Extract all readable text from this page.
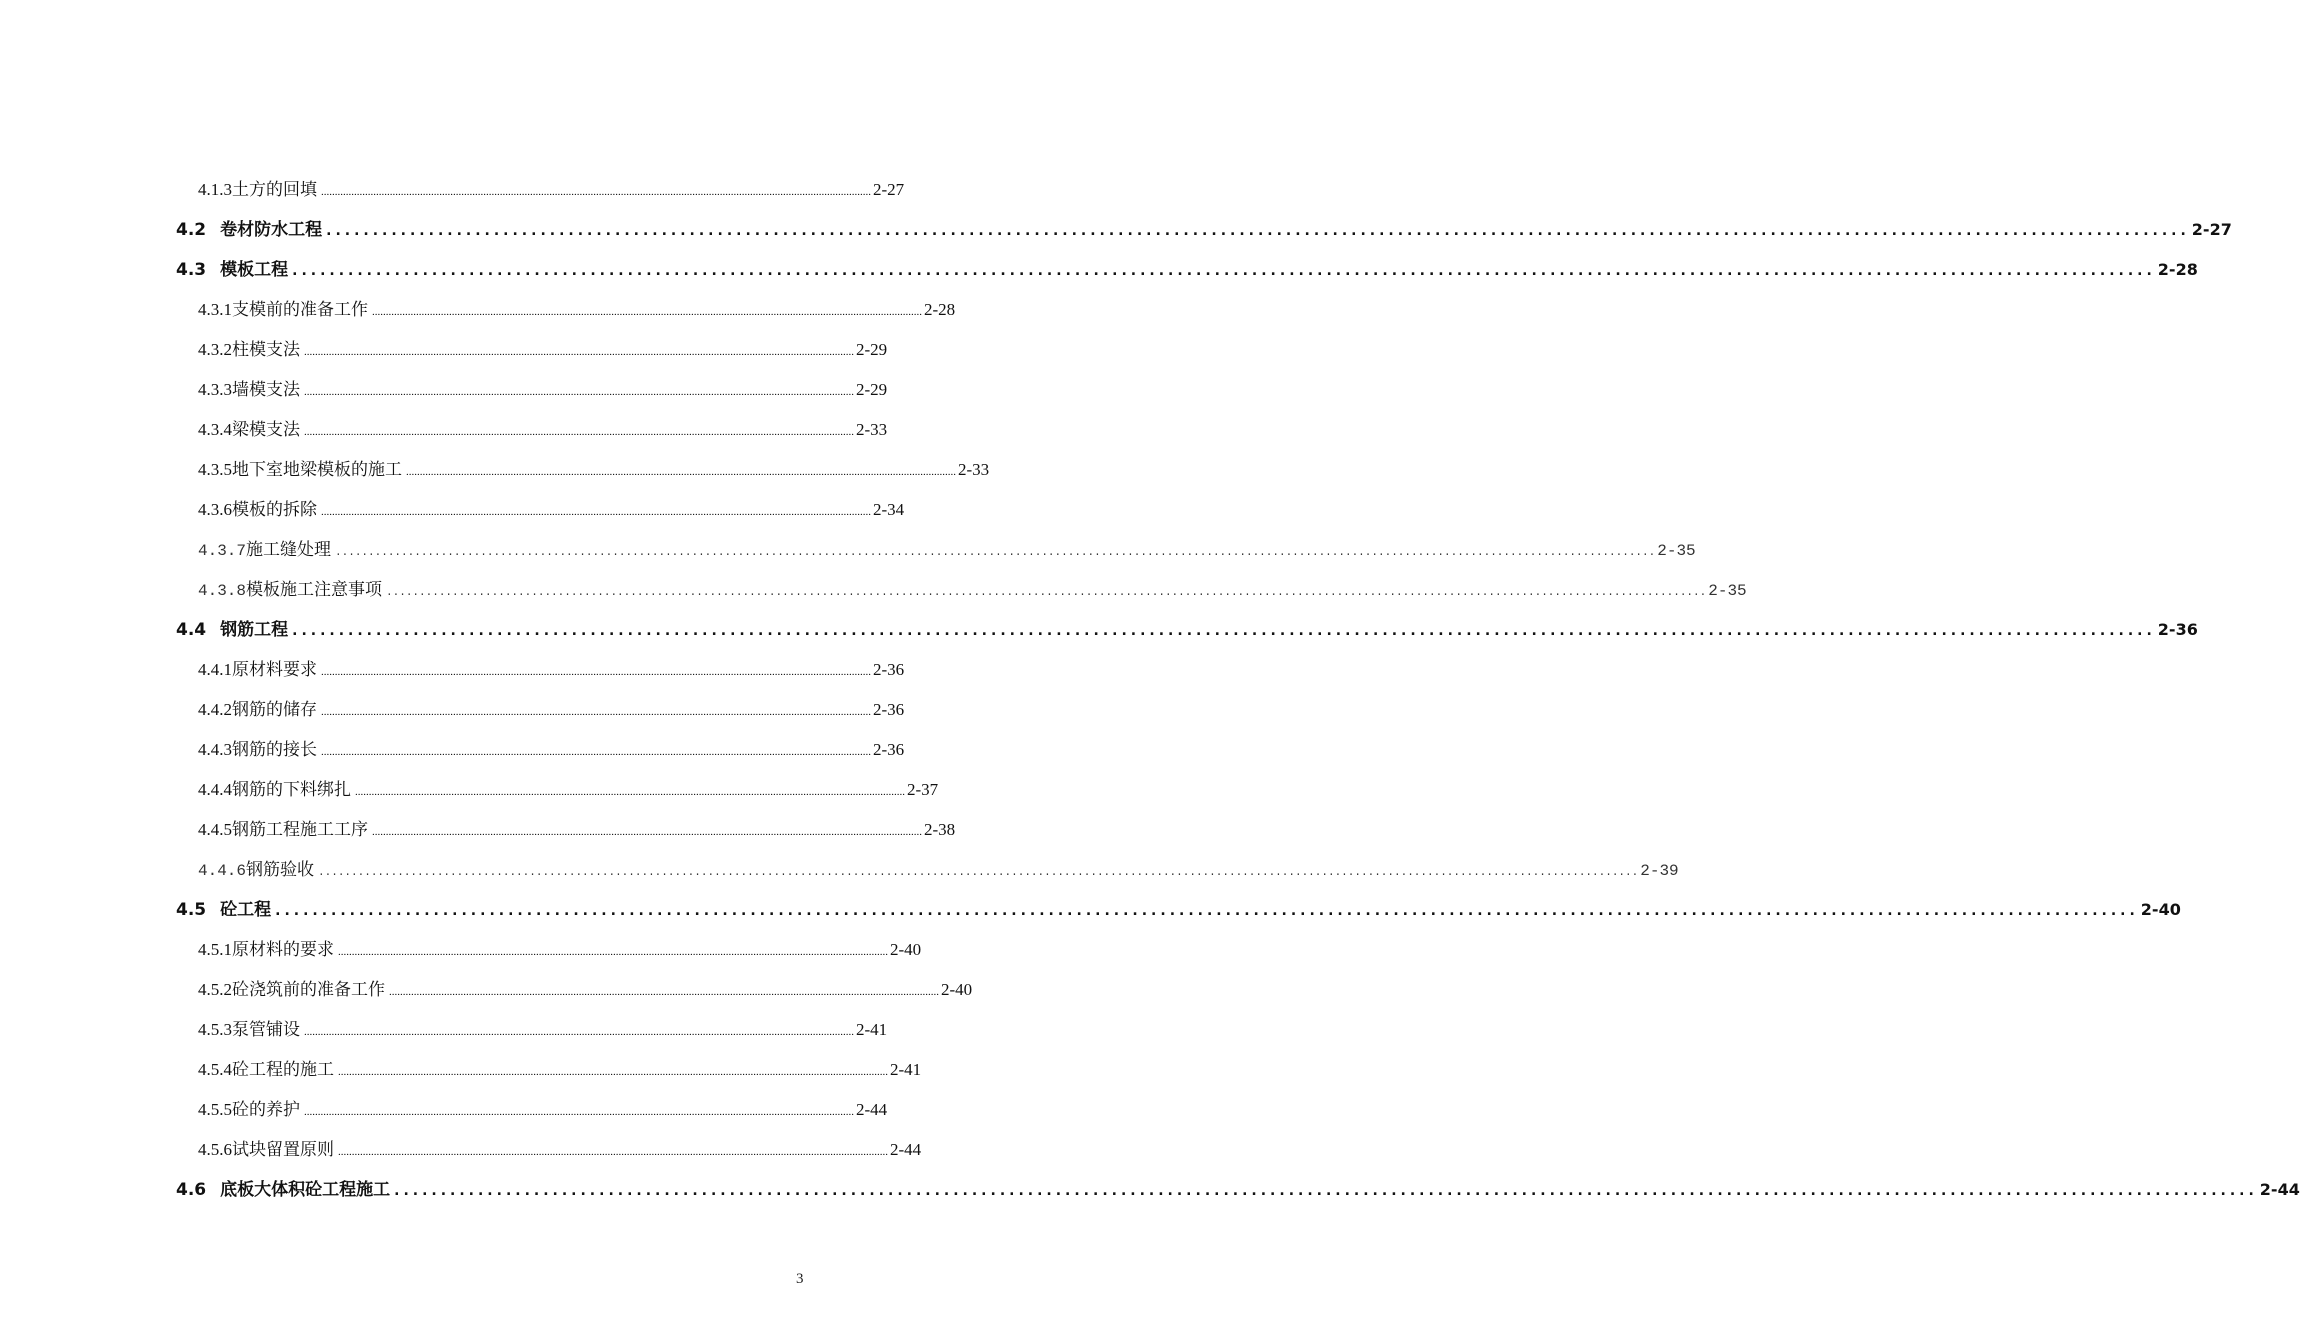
4.1.3 土方的回填 ........................................................................................................................................................................................................ 2-27
4.2 卷材防水工程 ........................................................................................................................................................................................................ 2-27
4.3 模板工程 ........................................................................................................................................................................................................ 2-28
4.3.1 支模前的准备工作 ........................................................................................................................................................................................................ 2-28
4.3.2 柱模支法 ........................................................................................................................................................................................................ 2-29
4.3.3 墙模支法 ........................................................................................................................................................................................................ 2-29
4.3.4 梁模支法 ........................................................................................................................................................................................................ 2-33
4.3.5 地下室地梁模板的施工 ........................................................................................................................................................................................................ 2-33
4.3.6 模板的拆除 ........................................................................................................................................................................................................ 2-34
4.3.7 施工缝处理 ........................................................................................................................................................................................................ 2-35
4.3.8 模板施工注意事项 ........................................................................................................................................................................................................ 2-35
4.4 钢筋工程 ........................................................................................................................................................................................................ 2-36
4.4.1 原材料要求 ........................................................................................................................................................................................................ 2-36
4.4.2 钢筋的储存 ........................................................................................................................................................................................................ 2-36
4.4.3 钢筋的接长 ........................................................................................................................................................................................................ 2-36
4.4.4 钢筋的下料绑扎 ........................................................................................................................................................................................................ 2-37
4.4.5 钢筋工程施工工序 ........................................................................................................................................................................................................ 2-38
4.4.6 钢筋验收 ........................................................................................................................................................................................................ 2-39
4.5 砼工程 ........................................................................................................................................................................................................ 2-40
4.5.1 原材料的要求 ........................................................................................................................................................................................................ 2-40
4.5.2 砼浇筑前的准备工作 ........................................................................................................................................................................................................ 2-40
4.5.3 泵管铺设 ........................................................................................................................................................................................................ 2-41
4.5.4 砼工程的施工 ........................................................................................................................................................................................................ 2-41
4.5.5 砼的养护 ........................................................................................................................................................................................................ 2-44
4.5.6 试块留置原则 ........................................................................................................................................................................................................ 2-44
4.6 底板大体积砼工程施工 ........................................................................................................................................................................................................ 2-44
3
